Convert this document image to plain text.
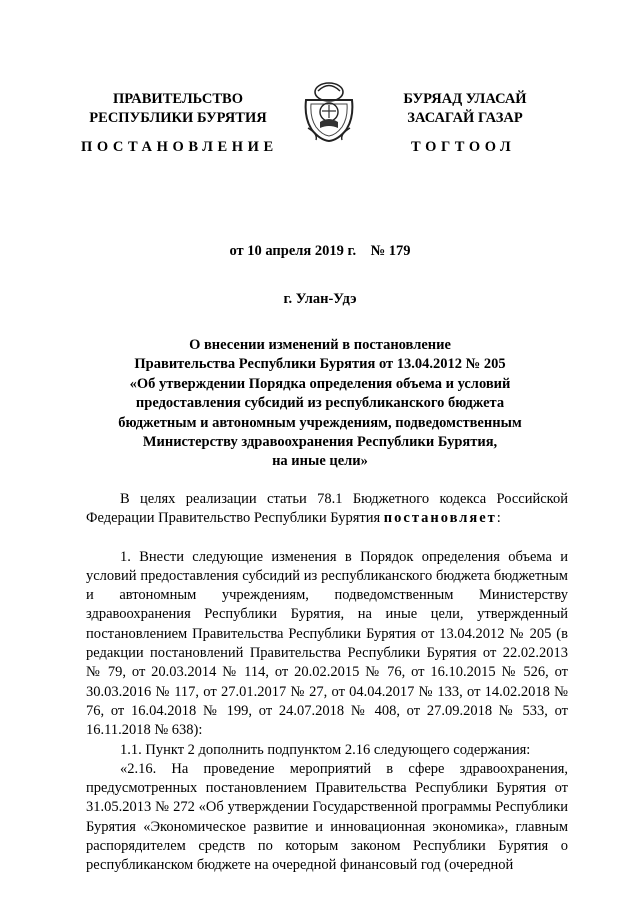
ПРАВИТЕЛЬСТВО
РЕСПУБЛИКИ БУРЯТИЯ
БУРЯАД УЛАСАЙ
ЗАСАГАЙ ГАЗАР
ПОСТАНОВЛЕНИЕ	ТОГТООЛ
от 10 апреля 2019 г.    № 179
г. Улан-Удэ
О внесении изменений в постановление
Правительства Республики Бурятия от 13.04.2012 № 205
«Об утверждении Порядка определения объема и условий
предоставления субсидий из республиканского бюджета
бюджетным и автономным учреждениям, подведомственным
Министерству здравоохранения Республики Бурятия,
на иные цели»

В целях реализации статьи 78.1 Бюджетного кодекса Российской Федерации Правительство Республики Бурятия постановляет:

1. Внести следующие изменения в Порядок определения объема и условий предоставления субсидий из республиканского бюджета бюджетным и автономным учреждениям, подведомственным Министерству здравоохранения Республики Бурятия, на иные цели, утвержденный постановлением Правительства Республики Бурятия от 13.04.2012 № 205 (в редакции постановлений Правительства Республики Бурятия от 22.02.2013 № 79, от 20.03.2014 № 114, от 20.02.2015 № 76, от 16.10.2015 № 526, от 30.03.2016 № 117, от 27.01.2017 № 27, от 04.04.2017 № 133, от 14.02.2018 № 76, от 16.04.2018 № 199, от 24.07.2018 № 408, от 27.09.2018 № 533, от 16.11.2018 № 638):

1.1. Пункт 2 дополнить подпунктом 2.16 следующего содержания:

«2.16. На проведение мероприятий в сфере здравоохранения, предусмотренных постановлением Правительства Республики Бурятия от 31.05.2013 № 272 «Об утверждении Государственной программы Республики Бурятия «Экономическое развитие и инновационная экономика», главным распорядителем средств по которым законом Республики Бурятия о республиканском бюджете на очередной финансовый год (очередной
